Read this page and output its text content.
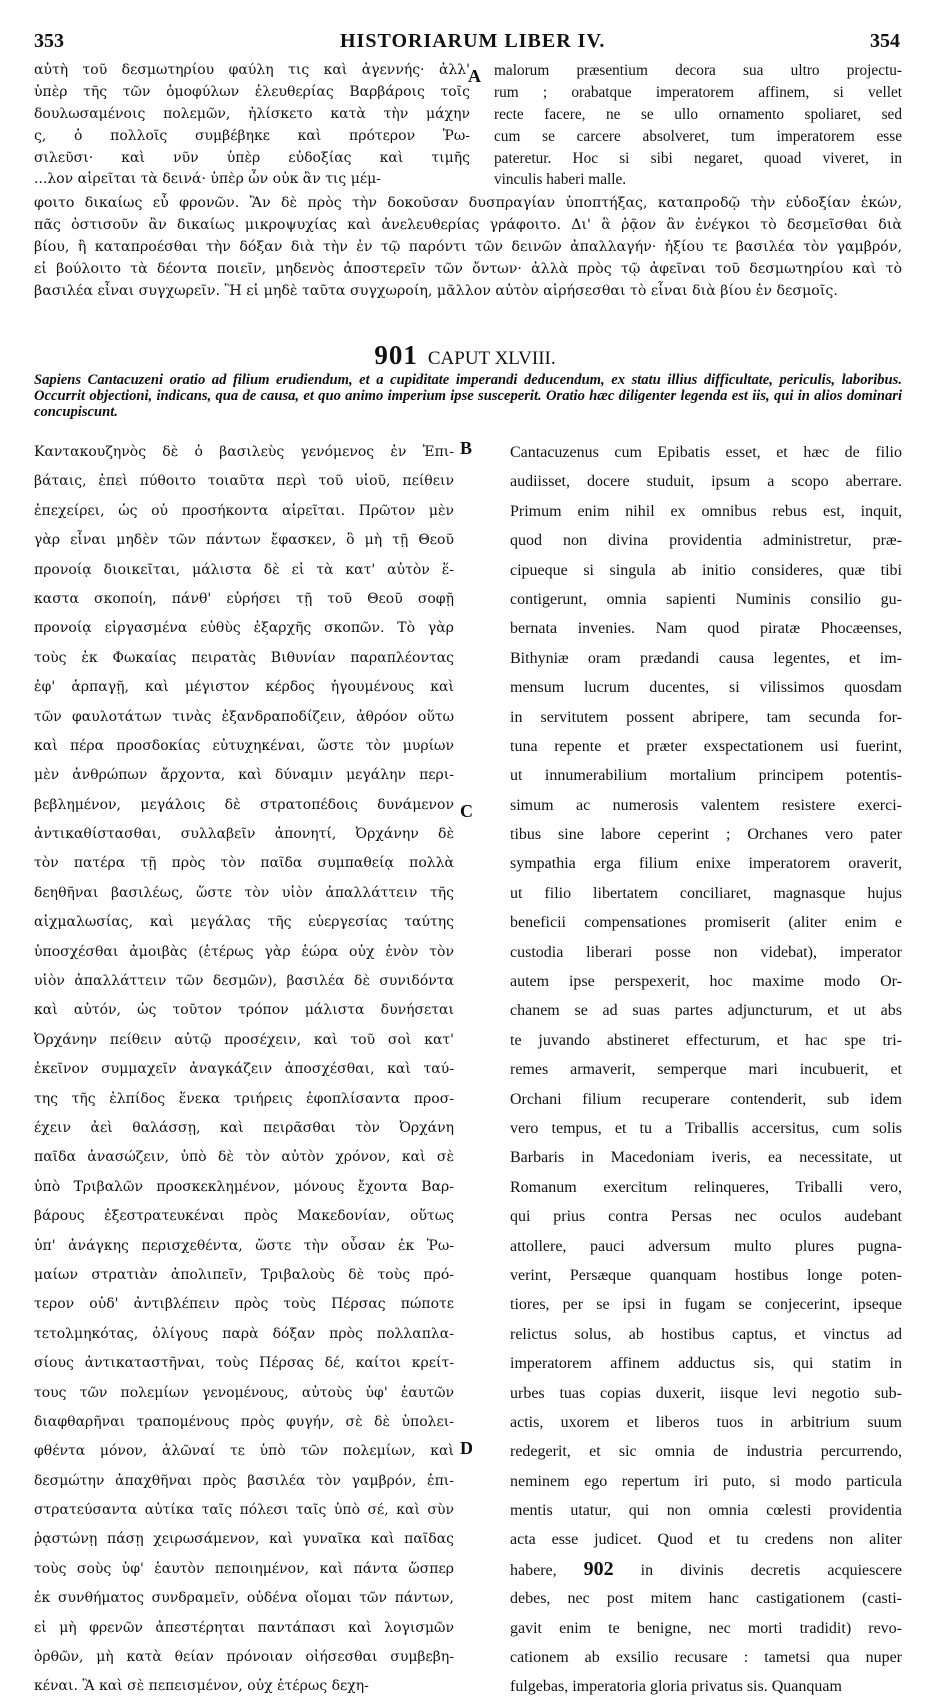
353	HISTORIARUM LIBER IV.	354
αὐτὴ τοῦ δεσμωτηρίου φαύλη τις καὶ ἀγεννής· ἀλλ'
ὑπὲρ τῆς τῶν ὁμοφύλων ἐλευθερίας Βαρβάροις τοῖς
δουλωσαμένοις πολεμῶν, ἠλίσκετο κατὰ τὴν μάχην
ς, ὁ πολλοῖς συμβέβηκε καὶ πρότερον Ῥω-
σιλεῦσι· καὶ νῦν ὑπὲρ εὐδοξίας καὶ τιμῆς
...λον αἱρεῖται τὰ δεινά· ὑπὲρ ὧν οὐκ ἂν τις μέμ-
A malorum præsentium decora sua ultro projectu-
rum ; orabatque imperatorem affinem, si vellet
recte facere, ne se ullo ornamento spoliaret, sed
cum se carcere absolveret, tum imperatorem esse
pateretur. Hoc si sibi negaret, quoad viveret, in
vinculis haberi malle.
φοιτο δικαίως εὖ φρονῶν. Ἂν δὲ πρὸς τὴν δοκοῦσαν δυσπραγίαν ὑποπτήξας, καταπροδῷ τὴν εὐδοξίαν ἑκών,
πᾶς ὁστισοῦν ἂν δικαίως μικροψυχίας καὶ ἀνελευθερίας γράφοιτο. Δι' ἃ ῥᾷον ἂν ἐνέγκοι τὸ δεσμεῖσθαι διὰ
βίου, ἢ καταπροέσθαι τὴν δόξαν διὰ τὴν ἐν τῷ παρόντι τῶν δεινῶν ἀπαλλαγήν· ἠξίου τε βασιλέα τὸν γαμβρόν,
εἰ βούλοιτο τὰ δέοντα ποιεῖν, μηδενὸς ἀποστερεῖν τῶν ὄντων· ἀλλὰ πρὸς τῷ ἀφεῖναι τοῦ δεσμωτηρίου καὶ τὸ
βασιλέα εἶναι συγχωρεῖν. Ἢ εἰ μηδὲ ταῦτα συγχωροίη, μᾶλλον αὐτὸν αἱρήσεσθαι τὸ εἶναι διὰ βίου ἐν δεσμοῖς.
901 CAPUT XLVIII.
Sapiens Cantacuzeni oratio ad filium erudiendum, et a cupiditate imperandi deducendum, ex statu illius difficultate, periculis, laboribus. Occurrit objectioni, indicans, qua de causa, et quo animo imperium ipse susceperit. Oratio hæc diligenter legenda est iis, qui in alios dominari concupiscunt.
Καντακουζηνὸς δὲ ὁ βασιλεὺς γενόμενος ἐν Ἐπι-
βάταις, ἐπεὶ πύθοιτο τοιαῦτα περὶ τοῦ υἱοῦ, πείθειν
ἐπεχείρει, ὡς οὐ προσήκοντα αἱρεῖται. Πρῶτον μὲν
γὰρ εἶναι μηδὲν τῶν πάντων ἔφασκεν, ὃ μὴ τῇ Θεοῦ
προνοίᾳ διοικεῖται, μάλιστα δὲ εἰ τὰ κατ' αὐτὸν ἕ-
καστα σκοποίη, πάνθ' εὑρήσει τῇ τοῦ Θεοῦ σοφῇ
προνοίᾳ εἰργασμένα εὐθὺς ἐξαρχῆς σκοπῶν. Τὸ γὰρ
τοὺς ἐκ Φωκαίας πειρατὰς Βιθυνίαν παραπλέοντας
ἐφ' ἁρπαγῇ, καὶ μέγιστον κέρδος ἡγουμένους καὶ
τῶν φαυλοτάτων τινὰς ἐξανδραποδίζειν, ἀθρόον οὕτω
καὶ πέρα προσδοκίας εὐτυχηκέναι, ὥστε τὸν μυρίων
μὲν ἀνθρώπων ἄρχοντα, καὶ δύναμιν μεγάλην περι-
βεβλημένον, μεγάλοις δὲ στρατοπέδοις δυνάμενον
ἀντικαθίστασθαι, συλλαβεῖν ἀπονητί, Ὀρχάνην δὲ
τὸν πατέρα τῇ πρὸς τὸν παῖδα συμπαθείᾳ πολλὰ
δεηθῆναι βασιλέως, ὥστε τὸν υἱὸν ἀπαλλάττειν τῆς
αἰχμαλωσίας, καὶ μεγάλας τῆς εὐεργεσίας ταύτης
ὑποσχέσθαι ἀμοιβὰς (ἑτέρως γὰρ ἑώρα οὐχ ἐνὸν τὸν
υἱὸν ἀπαλλάττειν τῶν δεσμῶν), βασιλέα δὲ συνιδόντα
καὶ αὐτόν, ὡς τοῦτον τρόπον μάλιστα δυνήσεται
Ὀρχάνην πείθειν αὐτῷ προσέχειν, καὶ τοῦ σοὶ κατ'
ἐκεῖνον συμμαχεῖν ἀναγκάζειν ἀποσχέσθαι, καὶ ταύ-
της τῆς ἐλπίδος ἕνεκα τριήρεις ἐφοπλίσαντα προσ-
έχειν ἀεὶ θαλάσσῃ, καὶ πειρᾶσθαι τὸν Ὀρχάνη
παῖδα ἀνασώζειν, ὑπὸ δὲ τὸν αὐτὸν χρόνον, καὶ σὲ
ὑπὸ Τριβαλῶν προσκεκλημένον, μόνους ἔχοντα Βαρ-
βάρους ἐξεστρατευκέναι πρὸς Μακεδονίαν, οὕτως
ὑπ' ἀνάγκης περισχεθέντα, ὥστε τὴν οὖσαν ἐκ Ῥω-
μαίων στρατιὰν ἀπολιπεῖν, Τριβαλοὺς δὲ τοὺς πρό-
τερον οὐδ' ἀντιβλέπειν πρὸς τοὺς Πέρσας πώποτε
τετολμηκότας, ὀλίγους παρὰ δόξαν πρὸς πολλαπλα-
σίους ἀντικαταστῆναι, τοὺς Πέρσας δέ, καίτοι κρείτ-
τους τῶν πολεμίων γενομένους, αὐτοὺς ὑφ' ἑαυτῶν
διαφθαρῆναι τραπομένους πρὸς φυγήν, σὲ δὲ ὑπολει-
φθέντα μόνον, ἁλῶναί τε ὑπὸ τῶν πολεμίων, καὶ
δεσμώτην ἀπαχθῆναι πρὸς βασιλέα τὸν γαμβρόν, ἐπι-
στρατεύσαντα αὐτίκα ταῖς πόλεσι ταῖς ὑπὸ σέ, καὶ σὺν
ῥᾳστώνῃ πάσῃ χειρωσάμενον, καὶ γυναῖκα καὶ παῖδας
τοὺς σοὺς ὑφ' ἑαυτὸν πεποιημένον, καὶ πάντα ὥσπερ
ἐκ συνθήματος συνδραμεῖν, οὐδένα οἴομαι τῶν πάντων,
εἰ μὴ φρενῶν ἀπεστέρηται παντάπασι καὶ λογισμῶν
ὀρθῶν, μὴ κατὰ θείαν πρόνοιαν οἰήσεσθαι συμβεβη-
κέναι. Ἃ καὶ σὲ πεπεισμένον, οὐχ ἑτέρως δεχη-
B
C
D
Cantacuzenus cum Epibatis esset, et hæc de filio
audiisset, docere studuit, ipsum a scopo aberrare.
Primum enim nihil ex omnibus rebus est, inquit,
quod non divina providentia administretur, præ-
cipueque si singula ab initio consideres, quæ tibi
contigerunt, omnia sapienti Numinis consilio gu-
bernata invenies. Nam quod piratæ Phocæenses,
Bithyniæ oram prædandi causa legentes, et im-
mensum lucrum ducentes, si vilissimos quosdam
in servitutem possent abripere, tam secunda for-
tuna repente et præter exspectationem usi fuerint,
ut innumerabilium mortalium principem potentis-
simum ac numerosis valentem resistere exerci-
tibus sine labore ceperint ; Orchanes vero pater
sympathia erga filium enixe imperatorem oraverit,
ut filio libertatem conciliaret, magnasque hujus
beneficii compensationes promiserit (aliter enim e
custodia liberari posse non videbat), imperator
autem ipse perspexerit, hoc maxime modo Or-
chanem se ad suas partes adjuncturum, et ut abs
te juvando abstineret effecturum, et hac spe tri-
remes armaverit, semperque mari incubuerit, et
Orchani filium recuperare contenderit, sub idem
vero tempus, et tu a Triballis accersitus, cum solis
Barbaris in Macedoniam iveris, ea necessitate, ut
Romanum exercitum relinqueres, Triballi vero,
qui prius contra Persas nec oculos audebant
attollere, pauci adversum multo plures pugna-
verint, Persæque quanquam hostibus longe poten-
tiores, per se ipsi in fugam se conjecerint, ipseque
relictus solus, ab hostibus captus, et vinctus ad
imperatorem affinem adductus sis, qui statim in
urbes tuas copias duxerit, iisque levi negotio sub-
actis, uxorem et liberos tuos in arbitrium suum
redegerit, et sic omnia de industria percurrendo,
neminem ego repertum iri puto, si modo particula
mentis utatur, qui non omnia cœlesti providentia
acta esse judicet. Quod et tu credens non aliter
habere, 902 in divinis decretis acquiescere
debes, nec post mitem hanc castigationem (casti-
gavit enim te benigne, nec morti tradidit) revo-
cationem ab exsilio recusare : tametsi qua nuper
fulgebas, imperatoria gloria privatus sis. Quanquam
